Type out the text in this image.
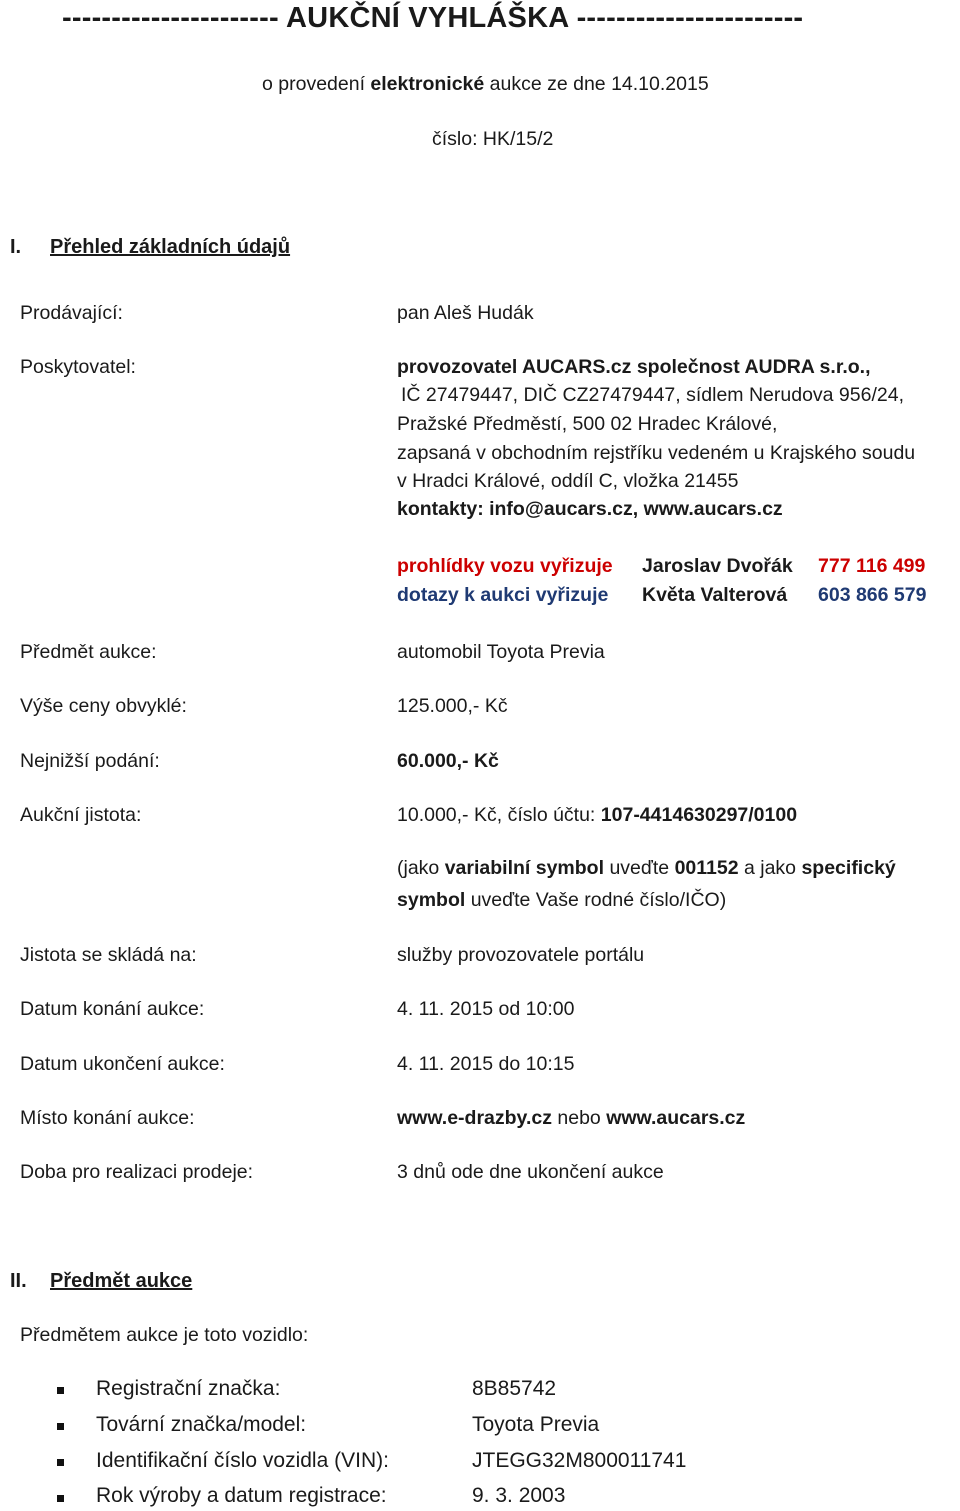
---------------------- AUKČNÍ VYHLÁŠKA -----------------------
o provedení elektronické aukce ze dne 14.10.2015
číslo: HK/15/2
I. Přehled základních údajů
Prodávající:	pan Aleš Hudák
Poskytovatel:	provozovatel AUCARS.cz společnost AUDRA s.r.o.,
IČ 27479447, DIČ CZ27479447, sídlem Nerudova 956/24,
Pražské Předměstí, 500 02 Hradec Králové,
zapsaná v obchodním rejstříku vedeném u Krajského soudu
v Hradci Králové, oddíl C, vložka 21455
kontakty: info@aucars.cz, www.aucars.cz
prohlídky vozu vyřizuje Jaroslav Dvořák 777 116 499
dotazy k aukci vyřizuje Květa Valterová 603 866 579
Předmět aukce:	automobil Toyota Previa
Výše ceny obvyklé:	125.000,- Kč
Nejnižší podání:	60.000,- Kč
Aukční jistota:	10.000,- Kč, číslo účtu: 107-4414630297/0100
(jako variabilní symbol uveďte 001152 a jako specifický
symbol uveďte Vaše rodné číslo/IČO)
Jistota se skládá na:	služby provozovatele portálu
Datum konání aukce:	4. 11. 2015 od 10:00
Datum ukončení aukce:	4. 11. 2015 do 10:15
Místo konání aukce:	www.e-drazby.cz nebo www.aucars.cz
Doba pro realizaci prodeje:	3 dnů ode dne ukončení aukce
II. Předmět aukce
Předmětem aukce je toto vozidlo:
Registrační značka:	8B85742
Tovární značka/model:	Toyota Previa
Identifikační číslo vozidla (VIN):	JTEGG32M800011741
Rok výroby a datum registrace:	9. 3. 2003
